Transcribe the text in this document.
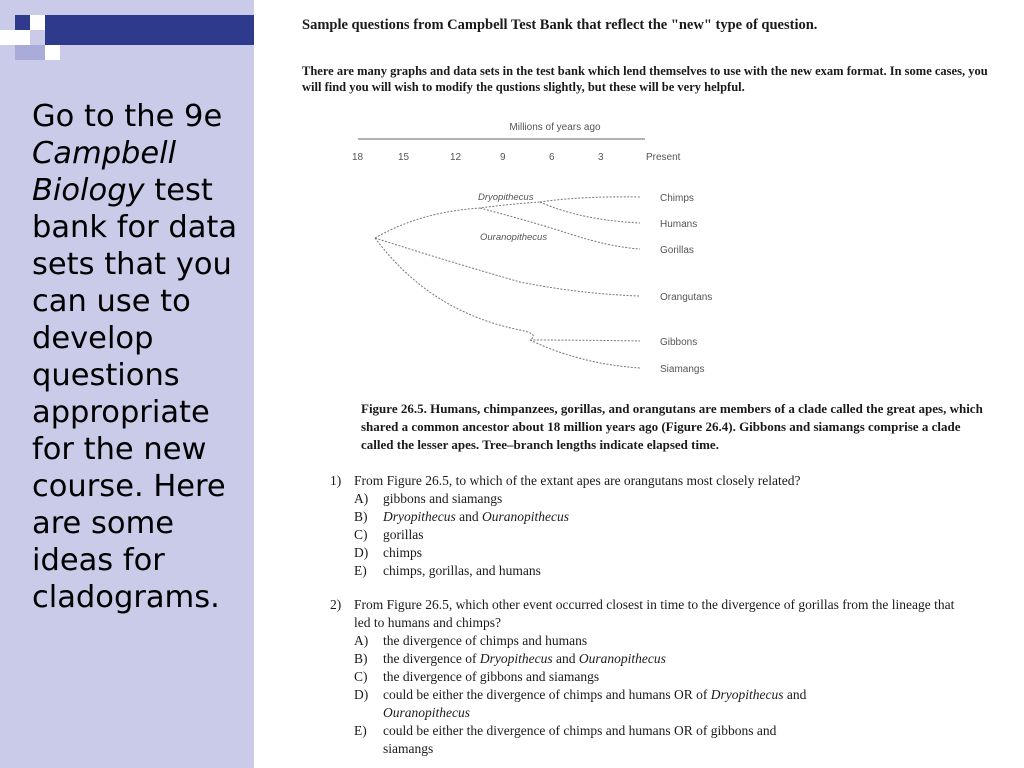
Go to the 9e Campbell Biology test bank for data sets that you can use to develop questions appropriate for the new course. Here are some ideas for cladograms.
Sample questions from Campbell Test Bank that reflect the "new" type of question.
There are many graphs and data sets in the test bank which lend themselves to use with the new exam format. In some cases, you will find you will wish to modify the qustions slightly, but these will be very helpful.
Millions of years ago
18	15	12	9	6	3	Present
Dryopithecus
Ouranopithecus
Chimps
Humans
Gorillas
Orangutans
Gibbons
Siamangs
Figure 26.5. Humans, chimpanzees, gorillas, and orangutans are members of a clade called the great apes, which shared a common ancestor about 18 million years ago (Figure 26.4). Gibbons and siamangs comprise a clade called the lesser apes. Tree–branch lengths indicate elapsed time.
1) From Figure 26.5, to which of the extant apes are orangutans most closely related?
A) gibbons and siamangs
B) Dryopithecus and Ouranopithecus
C) gorillas
D) chimps
E) chimps, gorillas, and humans
2) From Figure 26.5, which other event occurred closest in time to the divergence of gorillas from the lineage that led to humans and chimps?
A) the divergence of chimps and humans
B) the divergence of Dryopithecus and Ouranopithecus
C) the divergence of gibbons and siamangs
D) could be either the divergence of chimps and humans OR of Dryopithecus and
Ouranopithecus
E) could be either the divergence of chimps and humans OR of gibbons and
siamangs
